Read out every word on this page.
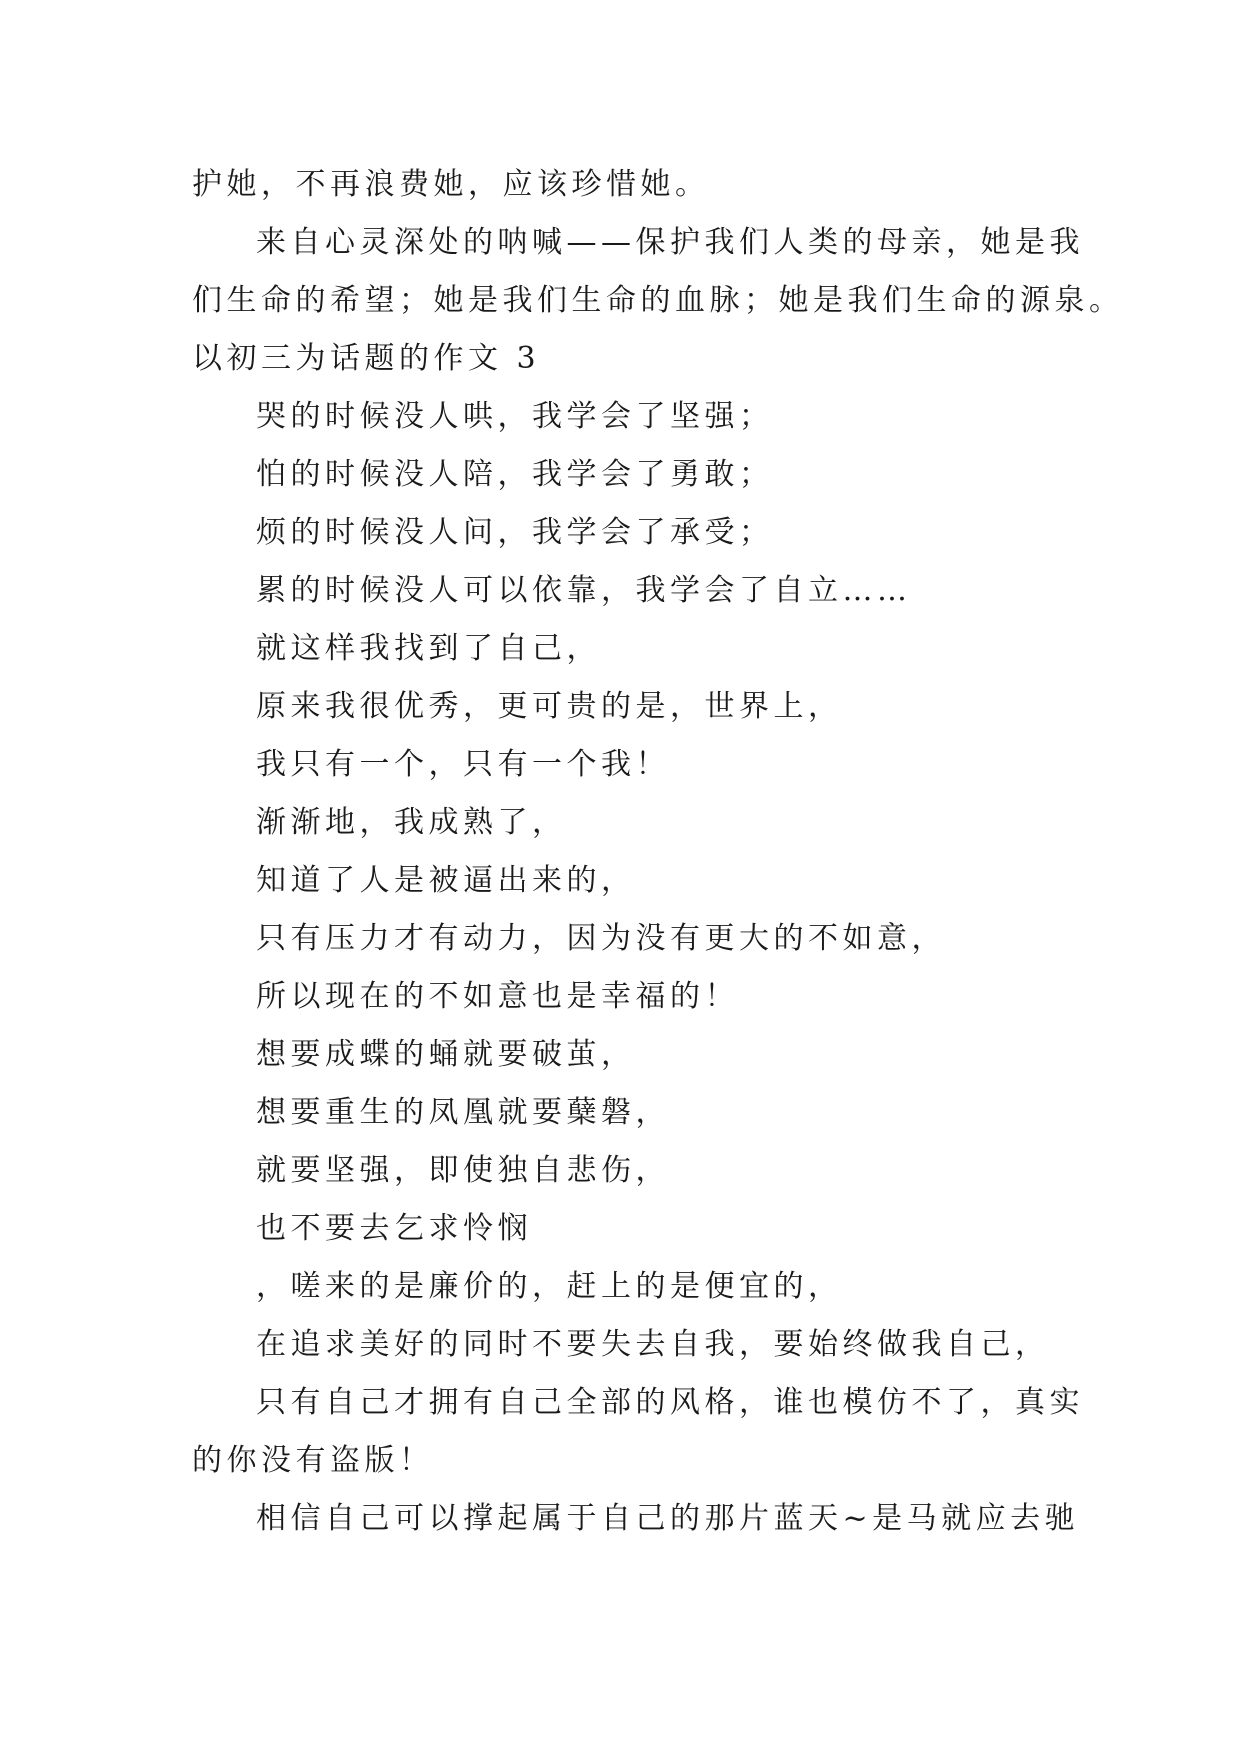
护她，不再浪费她，应该珍惜她。
来自心灵深处的呐喊——保护我们人类的母亲，她是我
们生命的希望；她是我们生命的血脉；她是我们生命的源泉。
以初三为话题的作文 3
哭的时候没人哄，我学会了坚强；
怕的时候没人陪，我学会了勇敢；
烦的时候没人问，我学会了承受；
累的时候没人可以依靠，我学会了自立……
就这样我找到了自己，
原来我很优秀，更可贵的是，世界上，
我只有一个，只有一个我！
渐渐地，我成熟了，
知道了人是被逼出来的，
只有压力才有动力，因为没有更大的不如意，
所以现在的不如意也是幸福的！
想要成蝶的蛹就要破茧，
想要重生的凤凰就要蘖磐，
就要坚强，即使独自悲伤，
也不要去乞求怜悯
，嗟来的是廉价的，赶上的是便宜的，
在追求美好的同时不要失去自我，要始终做我自己，
只有自己才拥有自己全部的风格，谁也模仿不了，真实
的你没有盗版！
相信自己可以撑起属于自己的那片蓝天~是马就应去驰
